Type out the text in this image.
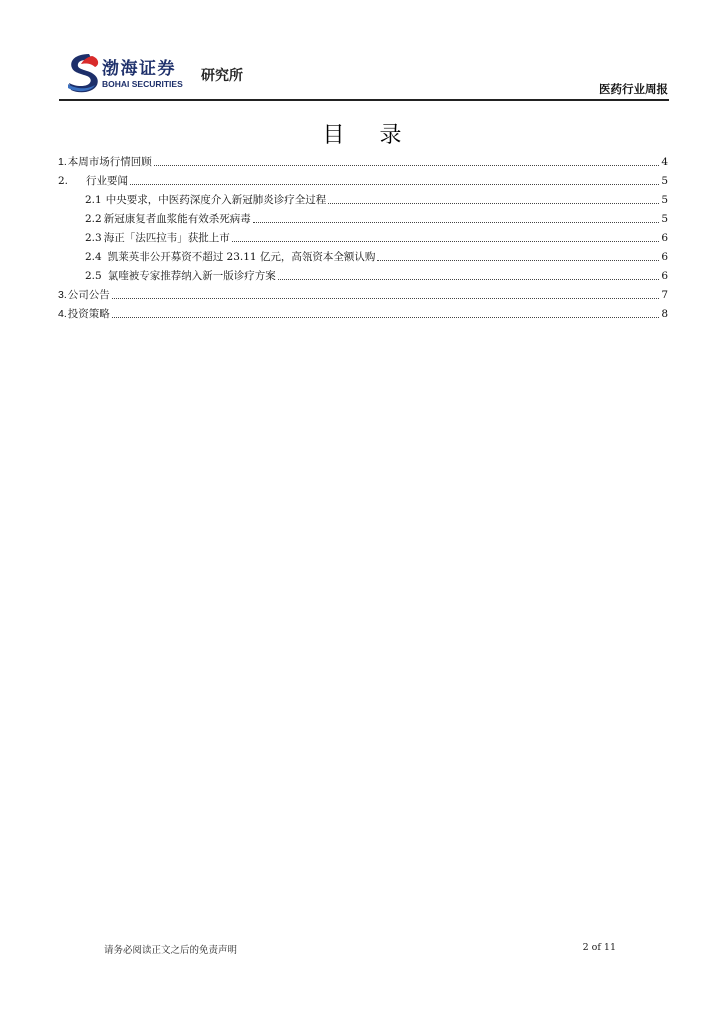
渤海证券
BOHAI SECURITIES 研究所
医药行业周报
目 录
1. 本周市场行情回顾	4
2.	行业要闻	5
2.1 中央要求，中医药深度介入新冠肺炎诊疗全过程	5
2.2 新冠康复者血浆能有效杀死病毒	5
2.3 海正「法匹拉韦」获批上市	6
2.4 凯莱英非公开募资不超过 23.11 亿元，高瓴资本全额认购	6
2.5 氯喹被专家推荐纳入新一版诊疗方案	6
3. 公司公告	7
4. 投资策略	8
请务必阅读正文之后的免责声明	2 of 11
